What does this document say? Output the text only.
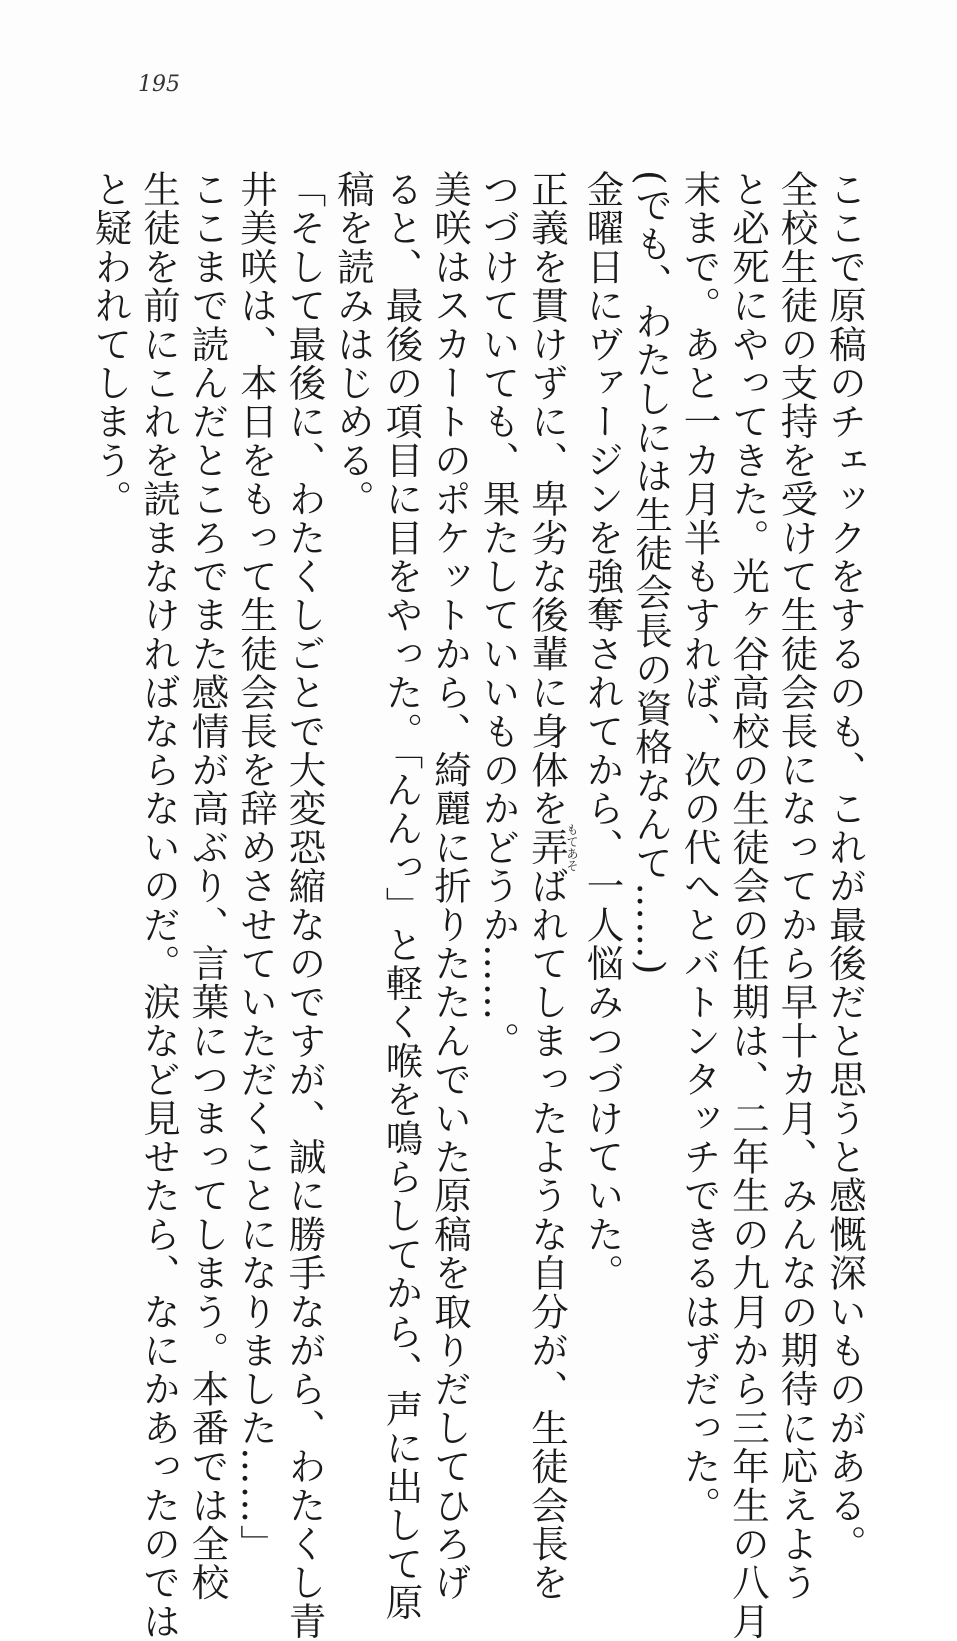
195
ここで原稿のチェックをするのも、これが最後だと思うと感慨深いものがある。
全校生徒の支持を受けて生徒会長になってから早十カ月、みんなの期待に応えよう
と必死にやってきた。光ヶ谷高校の生徒会の任期は、二年生の九月から三年生の八月
末まで。あと一カ月半もすれば、次の代へとバトンタッチできるはずだった。
(でも、わたしには生徒会長の資格なんて……)
金曜日にヴァージンを強奪されてから、一人悩みつづけていた。
正義を貫けずに、卑劣な後輩に身体を弄もてあそばれてしまったような自分が、生徒会長を
つづけていても、果たしていいものかどうか……。
美咲はスカートのポケットから、綺麗に折りたたんでいた原稿を取りだしてひろげ
ると、最後の項目に目をやった。「んんっ」と軽く喉を鳴らしてから、声に出して原
稿を読みはじめる。
「そして最後に、わたくしごとで大変恐縮なのですが、誠に勝手ながら、わたくし青
井美咲は、本日をもって生徒会長を辞めさせていただくことになりました……」
ここまで読んだところでまた感情が高ぶり、言葉につまってしまう。本番では全校
生徒を前にこれを読まなければならないのだ。涙など見せたら、なにかあったのでは
と疑われてしまう。
